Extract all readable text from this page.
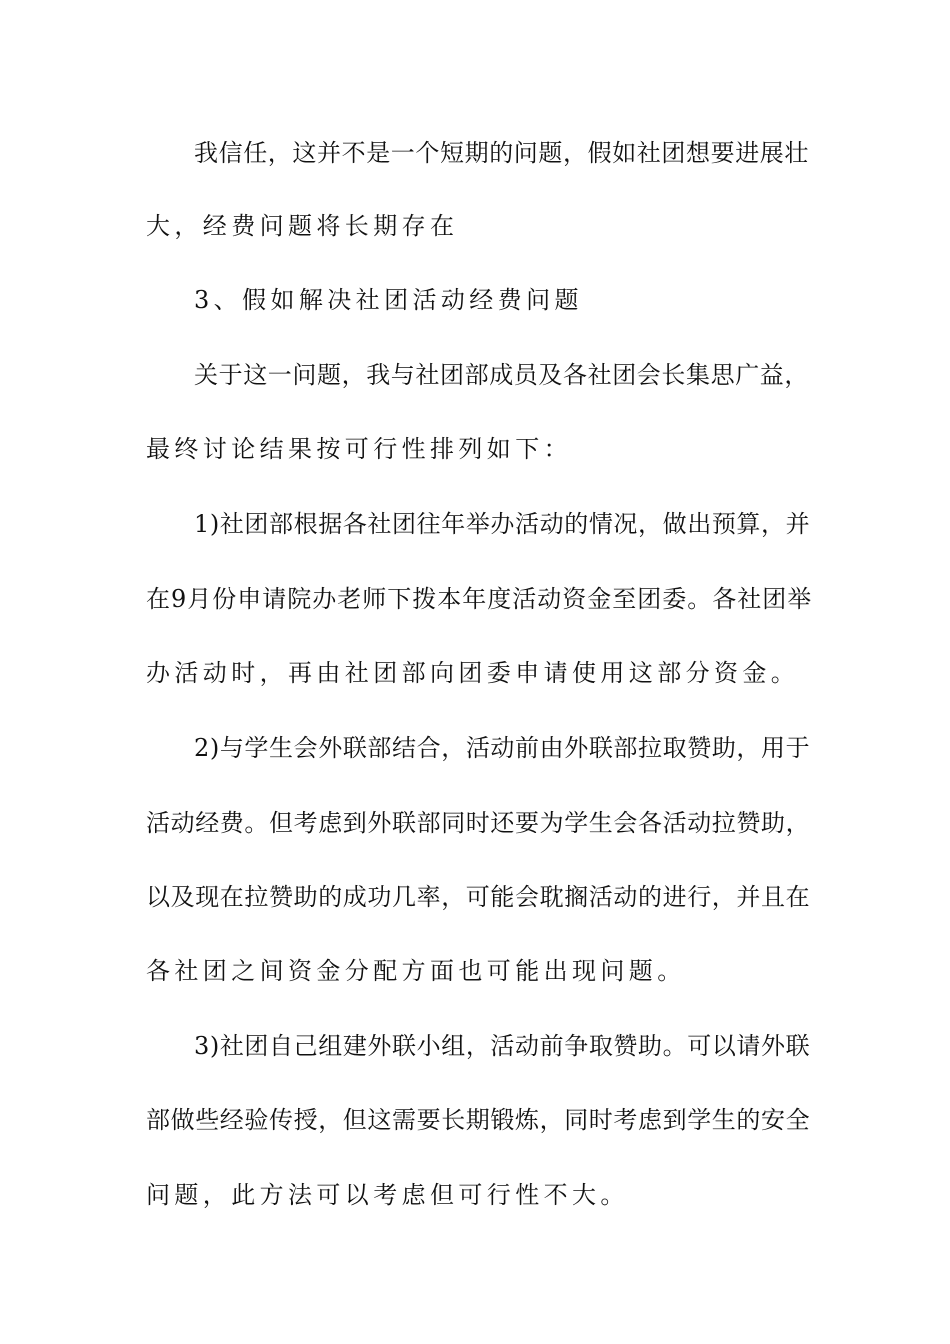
我信任，这并不是一个短期的问题，假如社团想要进展壮
大，经费问题将长期存在
3、假如解决社团活动经费问题
关于这一问题，我与社团部成员及各社团会长集思广益，
最终讨论结果按可行性排列如下：
1)社团部根据各社团往年举办活动的情况，做出预算，并
在9月份申请院办老师下拨本年度活动资金至团委。各社团举
办活动时，再由社团部向团委申请使用这部分资金。
2)与学生会外联部结合，活动前由外联部拉取赞助，用于
活动经费。但考虑到外联部同时还要为学生会各活动拉赞助，
以及现在拉赞助的成功几率，可能会耽搁活动的进行，并且在
各社团之间资金分配方面也可能出现问题。
3)社团自己组建外联小组，活动前争取赞助。可以请外联
部做些经验传授，但这需要长期锻炼，同时考虑到学生的安全
问题，此方法可以考虑但可行性不大。
